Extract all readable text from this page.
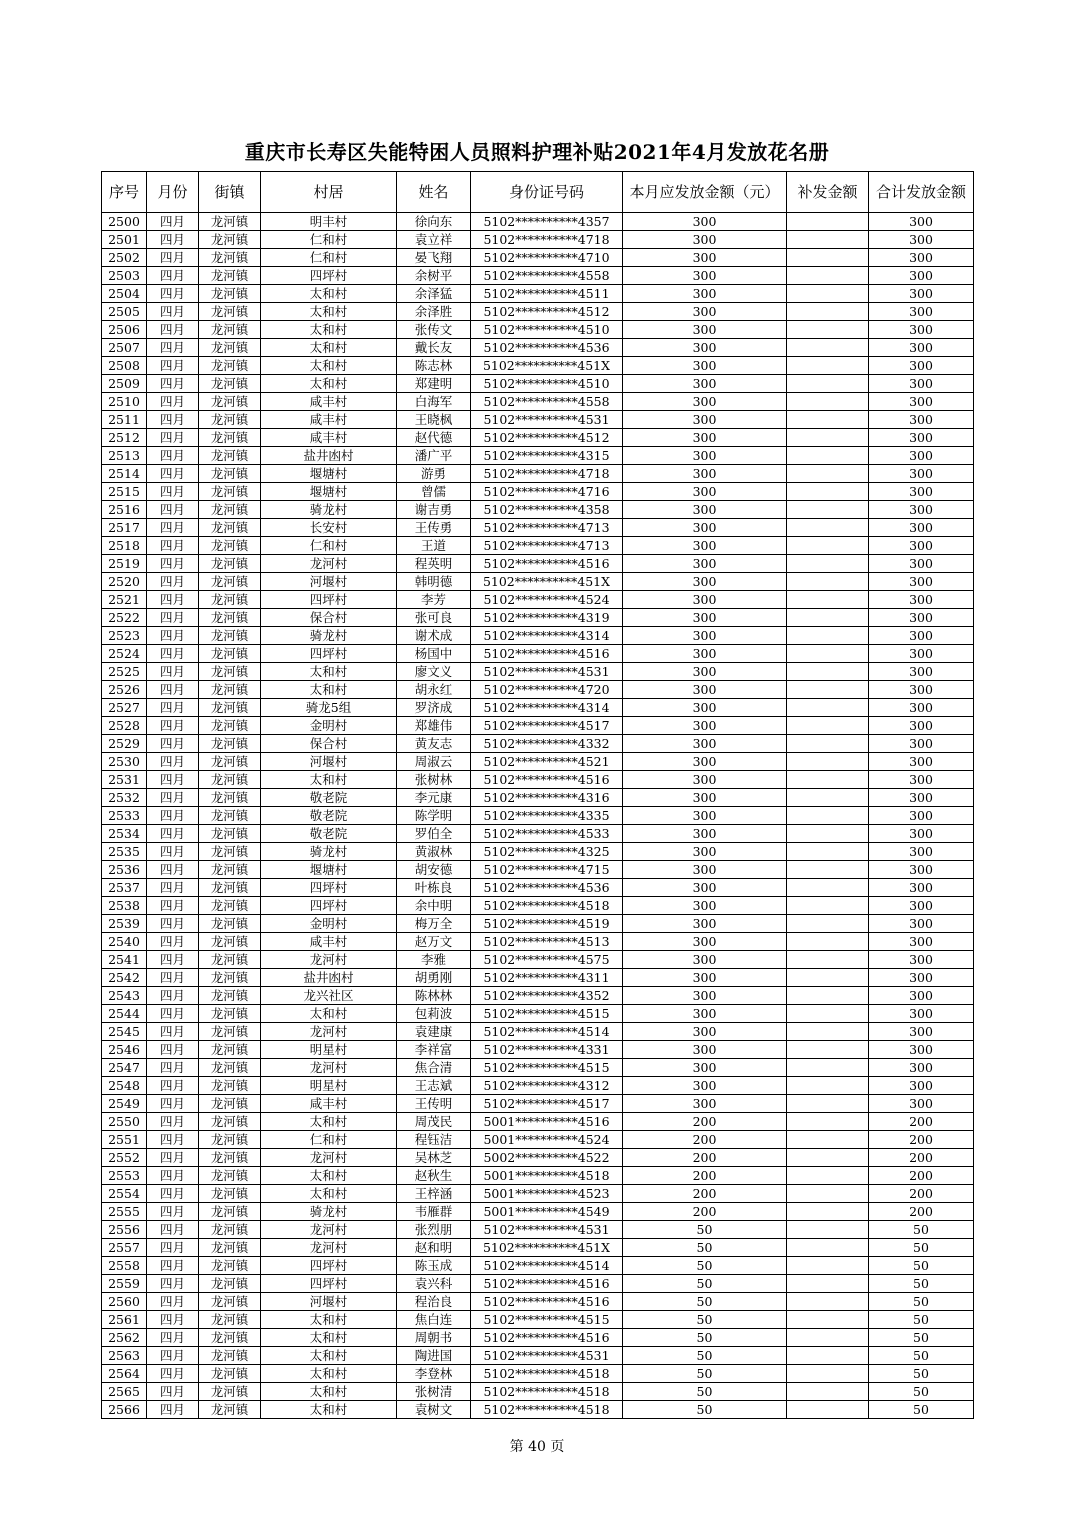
重庆市长寿区失能特困人员照料护理补贴2021年4月发放花名册
序号	月份	街镇	村居	姓名	身份证号码	本月应发放金额（元）	补发金额	合计发放金额
2500	四月	龙河镇	明丰村	徐向东	5102**********4357	300		300
2501	四月	龙河镇	仁和村	袁立祥	5102**********4718	300		300
2502	四月	龙河镇	仁和村	晏飞翔	5102**********4710	300		300
2503	四月	龙河镇	四坪村	余树平	5102**********4558	300		300
2504	四月	龙河镇	太和村	余泽猛	5102**********4511	300		300
2505	四月	龙河镇	太和村	余泽胜	5102**********4512	300		300
2506	四月	龙河镇	太和村	张传文	5102**********4510	300		300
2507	四月	龙河镇	太和村	戴长友	5102**********4536	300		300
2508	四月	龙河镇	太和村	陈志林	5102**********451X	300		300
2509	四月	龙河镇	太和村	郑建明	5102**********4510	300		300
2510	四月	龙河镇	咸丰村	白海军	5102**********4558	300		300
2511	四月	龙河镇	咸丰村	王晓枫	5102**********4531	300		300
2512	四月	龙河镇	咸丰村	赵代德	5102**********4512	300		300
2513	四月	龙河镇	盐井凼村	潘广平	5102**********4315	300		300
2514	四月	龙河镇	堰塘村	游勇	5102**********4718	300		300
2515	四月	龙河镇	堰塘村	曾儒	5102**********4716	300		300
2516	四月	龙河镇	骑龙村	谢吉勇	5102**********4358	300		300
2517	四月	龙河镇	长安村	王传勇	5102**********4713	300		300
2518	四月	龙河镇	仁和村	王道	5102**********4713	300		300
2519	四月	龙河镇	龙河村	程英明	5102**********4516	300		300
2520	四月	龙河镇	河堰村	韩明德	5102**********451X	300		300
2521	四月	龙河镇	四坪村	李芳	5102**********4524	300		300
2522	四月	龙河镇	保合村	张可良	5102**********4319	300		300
2523	四月	龙河镇	骑龙村	谢术成	5102**********4314	300		300
2524	四月	龙河镇	四坪村	杨国中	5102**********4516	300		300
2525	四月	龙河镇	太和村	廖文义	5102**********4531	300		300
2526	四月	龙河镇	太和村	胡永红	5102**********4720	300		300
2527	四月	龙河镇	骑龙5组	罗济成	5102**********4314	300		300
2528	四月	龙河镇	金明村	郑雄伟	5102**********4517	300		300
2529	四月	龙河镇	保合村	黄友志	5102**********4332	300		300
2530	四月	龙河镇	河堰村	周淑云	5102**********4521	300		300
2531	四月	龙河镇	太和村	张树林	5102**********4516	300		300
2532	四月	龙河镇	敬老院	李元康	5102**********4316	300		300
2533	四月	龙河镇	敬老院	陈学明	5102**********4335	300		300
2534	四月	龙河镇	敬老院	罗伯全	5102**********4533	300		300
2535	四月	龙河镇	骑龙村	黄淑林	5102**********4325	300		300
2536	四月	龙河镇	堰塘村	胡安德	5102**********4715	300		300
2537	四月	龙河镇	四坪村	叶栋良	5102**********4536	300		300
2538	四月	龙河镇	四坪村	余中明	5102**********4518	300		300
2539	四月	龙河镇	金明村	梅万全	5102**********4519	300		300
2540	四月	龙河镇	咸丰村	赵万文	5102**********4513	300		300
2541	四月	龙河镇	龙河村	李雅	5102**********4575	300		300
2542	四月	龙河镇	盐井凼村	胡勇刚	5102**********4311	300		300
2543	四月	龙河镇	龙兴社区	陈林林	5102**********4352	300		300
2544	四月	龙河镇	太和村	包莉波	5102**********4515	300		300
2545	四月	龙河镇	龙河村	袁建康	5102**********4514	300		300
2546	四月	龙河镇	明星村	李祥富	5102**********4331	300		300
2547	四月	龙河镇	龙河村	焦合清	5102**********4515	300		300
2548	四月	龙河镇	明星村	王志斌	5102**********4312	300		300
2549	四月	龙河镇	咸丰村	王传明	5102**********4517	300		300
2550	四月	龙河镇	太和村	周茂民	5001**********4516	200		200
2551	四月	龙河镇	仁和村	程钰洁	5001**********4524	200		200
2552	四月	龙河镇	龙河村	吴林芝	5002**********4522	200		200
2553	四月	龙河镇	太和村	赵秋生	5001**********4518	200		200
2554	四月	龙河镇	太和村	王梓涵	5001**********4523	200		200
2555	四月	龙河镇	骑龙村	韦雁群	5001**********4549	200		200
2556	四月	龙河镇	龙河村	张烈朋	5102**********4531	50		50
2557	四月	龙河镇	龙河村	赵和明	5102**********451X	50		50
2558	四月	龙河镇	四坪村	陈玉成	5102**********4514	50		50
2559	四月	龙河镇	四坪村	袁兴科	5102**********4516	50		50
2560	四月	龙河镇	河堰村	程治良	5102**********4516	50		50
2561	四月	龙河镇	太和村	焦白连	5102**********4515	50		50
2562	四月	龙河镇	太和村	周朝书	5102**********4516	50		50
2563	四月	龙河镇	太和村	陶进国	5102**********4531	50		50
2564	四月	龙河镇	太和村	李登林	5102**********4518	50		50
2565	四月	龙河镇	太和村	张树清	5102**********4518	50		50
2566	四月	龙河镇	太和村	袁树文	5102**********4518	50		50
第 40 页
